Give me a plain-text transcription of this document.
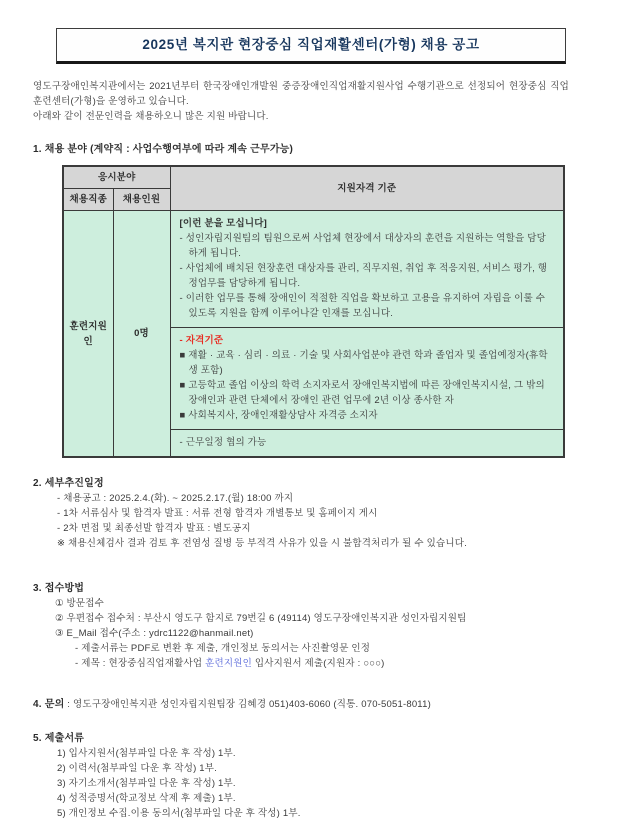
2025년 복지관 현장중심 직업재활센터(가형) 채용 공고

영도구장애인복지관에서는 2021년부터 한국장애인개발원 중증장애인직업재활지원사업 수행기관으로 선정되어 현장중심 직업훈련센터(가형)을 운영하고 있습니다.

아래와 같이 전문인력을 채용하오니 많은 지원 바랍니다.

1. 채용 분야 (계약직 : 사업수행여부에 따라 계속 근무가능)
응시분야		지원자격 기준
채용직종	채용인원	
훈련지원인	0명	[이런 분을 모십니다]
- 성인자립지원팀의 팀원으로써 사업체 현장에서 대상자의 훈련을 지원하는 역할을 담당하게 됩니다.
- 사업체에 배치된 현장훈련 대상자를 관리, 직무지원, 취업 후 적응지원, 서비스 평가, 행정업무를 담당하게 됩니다.
- 이러한 업무를 통해 장애인이 적절한 직업을 확보하고 고용을 유지하여 자립을 이룰 수 있도록 지원을 함께 이루어나갈 인재를 모십니다.

		- 자격기준
■ 재활 · 교육 · 심리 · 의료 · 기술 및 사회사업분야 관련 학과 졸업자 및 졸업예정자(휴학생 포함)
■ 고등학교 졸업 이상의 학력 소지자로서 장애인복지법에 따른 장애인복지시설, 그 밖의 장애인과 관련 단체에서 장애인 관련 업무에 2년 이상 종사한 자
■ 사회복지사, 장애인재활상담사 자격증 소지자

		- 근무일정 협의 가능
2. 세부추진일정
- 채용공고 : 2025.2.4.(화). ~ 2025.2.17.(월) 18:00 까지
- 1차 서류심사 및 합격자 발표 : 서류 전형 합격자 개별통보 및 홈페이지 게시
- 2차 면접 및 최종선발 합격자 발표 : 별도공지
※ 채용신체검사 결과 검토 후 전염성 질병 등 부적격 사유가 있을 시 불합격처리가 될 수 있습니다.
3. 접수방법
① 방문접수
② 우편접수 접수처 : 부산시 영도구 함지로 79번길 6 (49114) 영도구장애인복지관 성인자립지원팀
③ E_Mail 접수(주소 : ydrc1122@hanmail.net)
- 제출서류는 PDF로 변환 후 제출, 개인정보 동의서는 사진촬영문 인정
- 제목 : 현장중심직업재활사업 훈련지원인 입사지원서 제출(지원자 : ○○○)
4. 문의 : 영도구장애인복지관 성인자립지원팀장 김혜경 051)403-6060 (직통. 070-5051-8011)
5. 제출서류
1) 입사지원서(첨부파일 다운 후 작성) 1부.
2) 이력서(첨부파일 다운 후 작성) 1부.
3) 자기소개서(첨부파일 다운 후 작성) 1부.
4) 성적증명서(학교정보 삭제 후 제출) 1부.
5) 개인정보 수집.이용 동의서(첨부파일 다운 후 작성) 1부.
